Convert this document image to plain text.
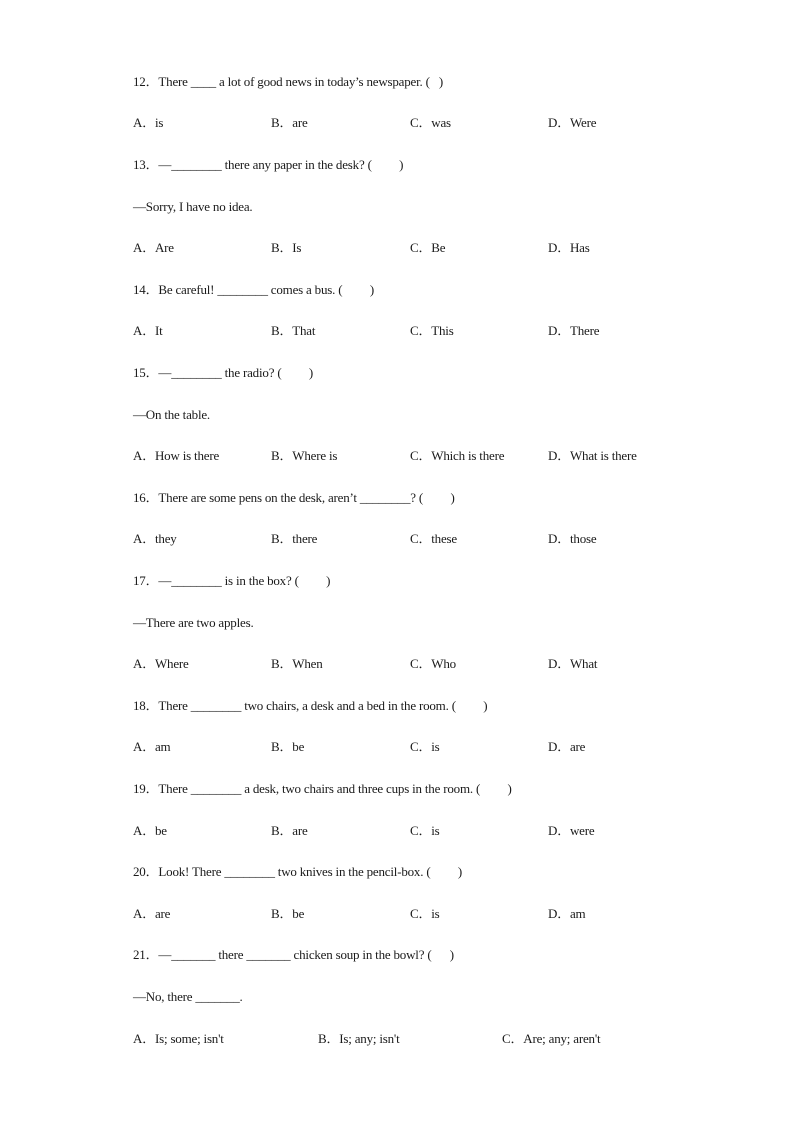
12．There ____ a lot of good news in today’s newspaper. (   )
A．is	B．are	C．was	D．Were
13．—________ there any paper in the desk? (         )
—Sorry, I have no idea.
A．Are	B．Is	C．Be	D．Has
14．Be careful! ________ comes a bus. (         )
A．It	B．That	C．This	D．There
15．—________ the radio? (         )
—On the table.
A．How is there	B．Where is	C．Which is there	D．What is there
16．There are some pens on the desk, aren’t ________? (         )
A．they	B．there	C．these	D．those
17．—________ is in the box? (         )
—There are two apples.
A．Where	B．When	C．Who	D．What
18．There ________ two chairs, a desk and a bed in the room. (         )
A．am	B．be	C．is	D．are
19．There ________ a desk, two chairs and three cups in the room. (         )
A．be	B．are	C．is	D．were
20．Look! There ________ two knives in the pencil-box. (         )
A．are	B．be	C．is	D．am
21．—_______ there _______ chicken soup in the bowl? (      )
—No, there _______.
A．Is; some; isn't	B．Is; any; isn't	C．Are; any; aren't
